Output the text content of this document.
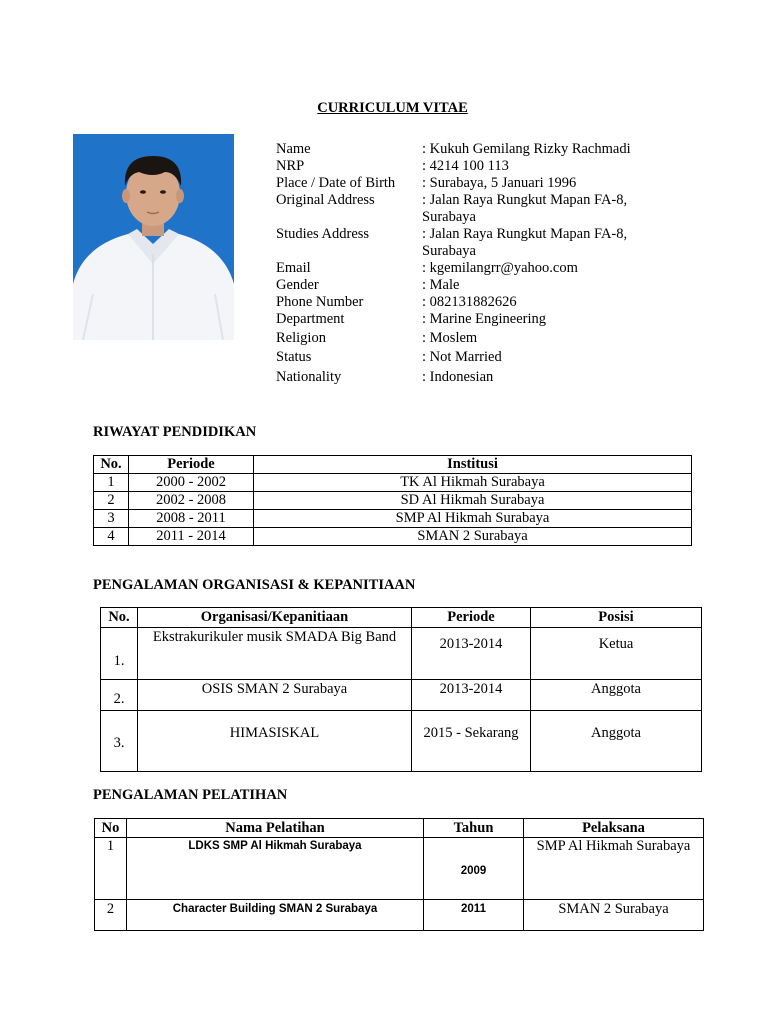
CURRICULUM VITAE
Name	: Kukuh Gemilang Rizky Rachmadi
NRP	: 4214 100 113
Place / Date of Birth	: Surabaya, 5 Januari 1996
Original Address	: Jalan Raya Rungkut Mapan FA-8,
Surabaya
Studies Address	: Jalan Raya Rungkut Mapan FA-8,
Surabaya
Email	: kgemilangrr@yahoo.com
Gender	: Male
Phone Number	: 082131882626
Department	: Marine Engineering
Religion	: Moslem
Status	: Not Married
Nationality	: Indonesian
RIWAYAT PENDIDIKAN
No.	Periode	Institusi
1	2000 - 2002	TK Al Hikmah Surabaya
2	2002 - 2008	SD Al Hikmah Surabaya
3	2008 - 2011	SMP Al Hikmah Surabaya
4	2011 - 2014	SMAN 2 Surabaya
PENGALAMAN ORGANISASI & KEPANITIAAN
No.	Organisasi/Kepanitiaan	Periode	Posisi
1.	Ekstrakurikuler musik SMADA Big Band	2013-2014	Ketua
2.	OSIS SMAN 2 Surabaya	2013-2014	Anggota
3.	HIMASISKAL	2015 - Sekarang	Anggota
PENGALAMAN PELATIHAN
No	Nama Pelatihan	Tahun	Pelaksana
1	LDKS SMP Al Hikmah Surabaya	2009	SMP Al Hikmah Surabaya
2	Character Building SMAN 2 Surabaya	2011	SMAN 2 Surabaya
